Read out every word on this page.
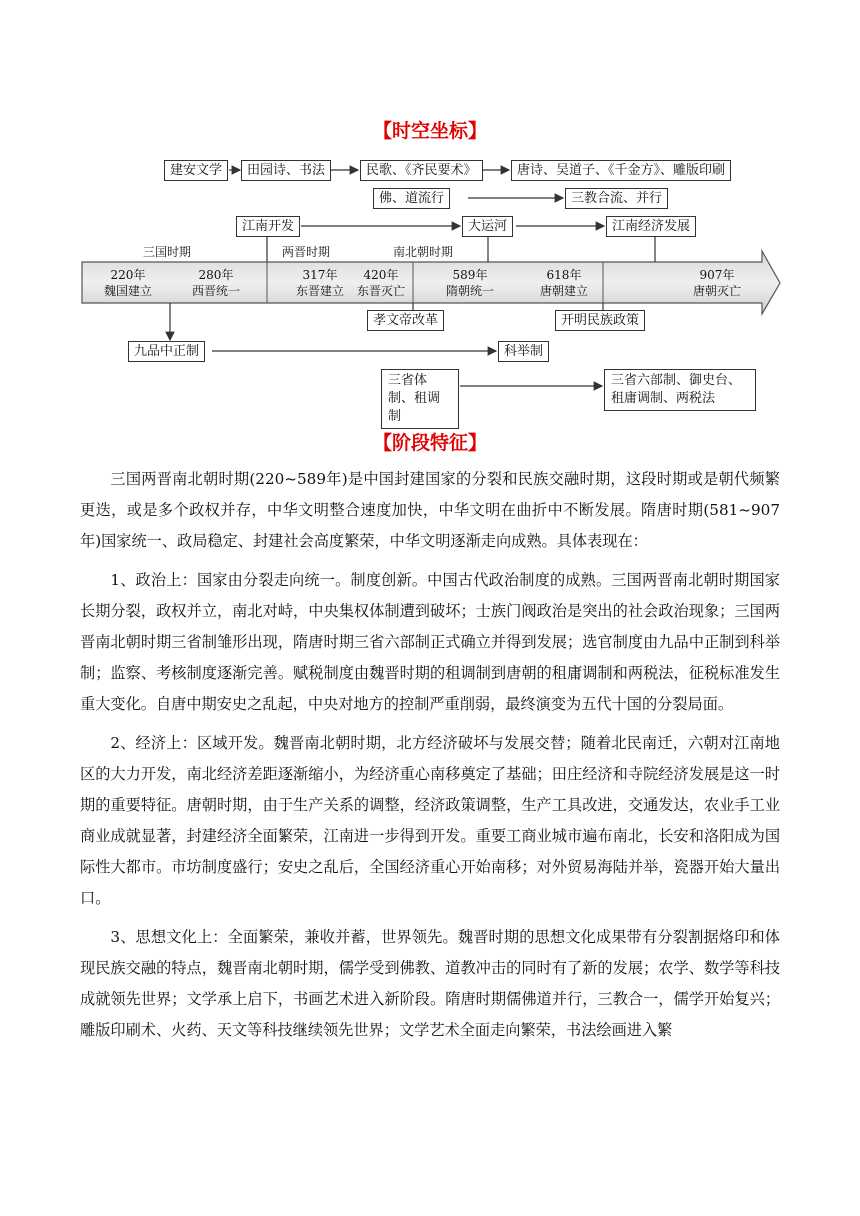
【时空坐标】
建安文学	田园诗、书法	民歌、《齐民要术》	唐诗、吴道子、《千金方》、雕版印刷
佛、道流行	三教合流、并行
江南开发	大运河	江南经济发展
三国时期	两晋时期	南北朝时期
220年
魏国建立
280年
西晋统一
317年
东晋建立
420年
东晋灭亡
589年
隋朝统一
618年
唐朝建立
907年
唐朝灭亡
孝文帝改革	开明民族政策
九品中正制	科举制
三省体制、租调制
三省六部制、御史台、租庸调制、两税法
【阶段特征】

三国两晋南北朝时期(220~589年)是中国封建国家的分裂和民族交融时期，这段时期或是朝代频繁更迭，或是多个政权并存，中华文明整合速度加快，中华文明在曲折中不断发展。隋唐时期(581~907年)国家统一、政局稳定、封建社会高度繁荣，中华文明逐渐走向成熟。具体表现在：

1、政治上：国家由分裂走向统一。制度创新。中国古代政治制度的成熟。三国两晋南北朝时期国家长期分裂，政权并立，南北对峙，中央集权体制遭到破坏；士族门阀政治是突出的社会政治现象；三国两晋南北朝时期三省制雏形出现，隋唐时期三省六部制正式确立并得到发展；选官制度由九品中正制到科举制；监察、考核制度逐渐完善。赋税制度由魏晋时期的租调制到唐朝的租庸调制和两税法，征税标准发生重大变化。自唐中期安史之乱起，中央对地方的控制严重削弱，最终演变为五代十国的分裂局面。

2、经济上：区域开发。魏晋南北朝时期，北方经济破坏与发展交替；随着北民南迁，六朝对江南地区的大力开发，南北经济差距逐渐缩小，为经济重心南移奠定了基础；田庄经济和寺院经济发展是这一时期的重要特征。唐朝时期，由于生产关系的调整，经济政策调整，生产工具改进，交通发达，农业手工业商业成就显著，封建经济全面繁荣，江南进一步得到开发。重要工商业城市遍布南北，长安和洛阳成为国际性大都市。市坊制度盛行；安史之乱后，全国经济重心开始南移；对外贸易海陆并举，瓷器开始大量出口。

3、思想文化上：全面繁荣，兼收并蓄，世界领先。魏晋时期的思想文化成果带有分裂割据烙印和体现民族交融的特点，魏晋南北朝时期，儒学受到佛教、道教冲击的同时有了新的发展；农学、数学等科技成就领先世界；文学承上启下，书画艺术进入新阶段。隋唐时期儒佛道并行，三教合一，儒学开始复兴；雕版印刷术、火药、天文等科技继续领先世界；文学艺术全面走向繁荣，书法绘画进入繁
